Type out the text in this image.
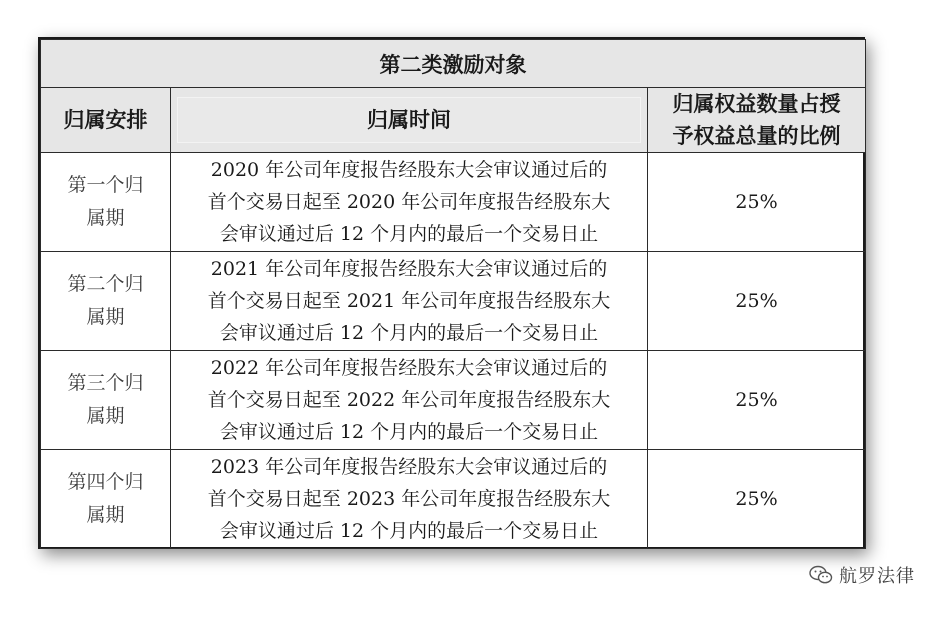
第二类激励对象		
归属安排	归属时间	归属权益数量占授
予权益总量的比例

第一个归
属期	2020 年公司年度报告经股东大会审议通过后的
首个交易日起至 2020 年公司年度报告经股东大
会审议通过后 12 个月内的最后一个交易日止	25%

第二个归
属期	2021 年公司年度报告经股东大会审议通过后的
首个交易日起至 2021 年公司年度报告经股东大
会审议通过后 12 个月内的最后一个交易日止	25%

第三个归
属期	2022 年公司年度报告经股东大会审议通过后的
首个交易日起至 2022 年公司年度报告经股东大
会审议通过后 12 个月内的最后一个交易日止	25%

第四个归
属期	2023 年公司年度报告经股东大会审议通过后的
首个交易日起至 2023 年公司年度报告经股东大
会审议通过后 12 个月内的最后一个交易日止	25%
航罗法律
